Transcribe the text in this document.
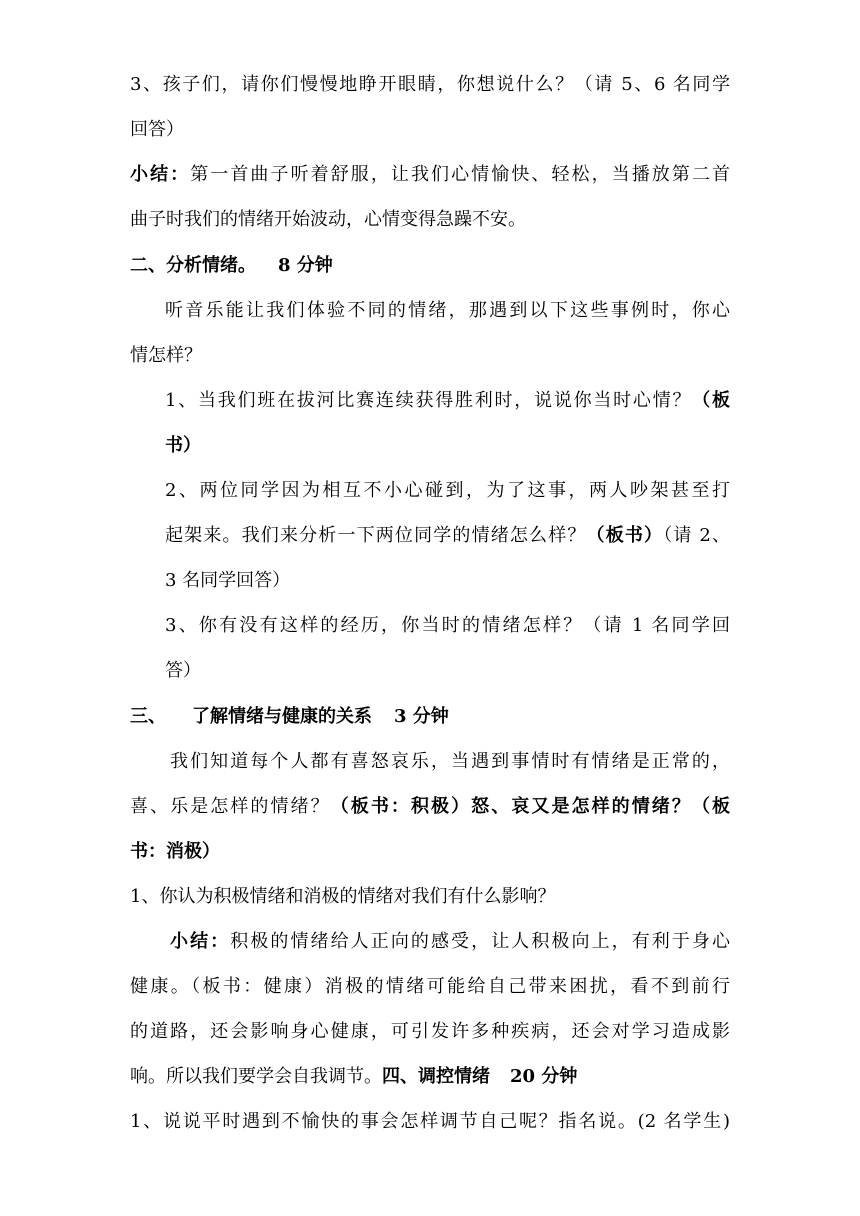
3、孩子们，请你们慢慢地睁开眼睛，你想说什么？（请 5、6 名同学
回答）
小结：第一首曲子听着舒服，让我们心情愉快、轻松，当播放第二首
曲子时我们的情绪开始波动，心情变得急躁不安。
二、分析情绪。 8 分钟
听音乐能让我们体验不同的情绪，那遇到以下这些事例时，你心
情怎样？
1、当我们班在拔河比赛连续获得胜利时，说说你当时心情？（板
书）
2、两位同学因为相互不小心碰到，为了这事，两人吵架甚至打
起架来。我们来分析一下两位同学的情绪怎么样？（板书）（请 2、
3 名同学回答）
3、你有没有这样的经历，你当时的情绪怎样？（请 1 名同学回
答）
三、 了解情绪与健康的关系 3 分钟
我们知道每个人都有喜怒哀乐，当遇到事情时有情绪是正常的，
喜、乐是怎样的情绪？（板书：积极）怒、哀又是怎样的情绪？（板
书：消极）
1、你认为积极情绪和消极的情绪对我们有什么影响？
小结：积极的情绪给人正向的感受，让人积极向上，有利于身心
健康。（板书：健康）消极的情绪可能给自己带来困扰，看不到前行
的道路，还会影响身心健康，可引发许多种疾病，还会对学习造成影
响。所以我们要学会自我调节。四、调控情绪 20 分钟
1、说说平时遇到不愉快的事会怎样调节自己呢？指名说。(2 名学生)
